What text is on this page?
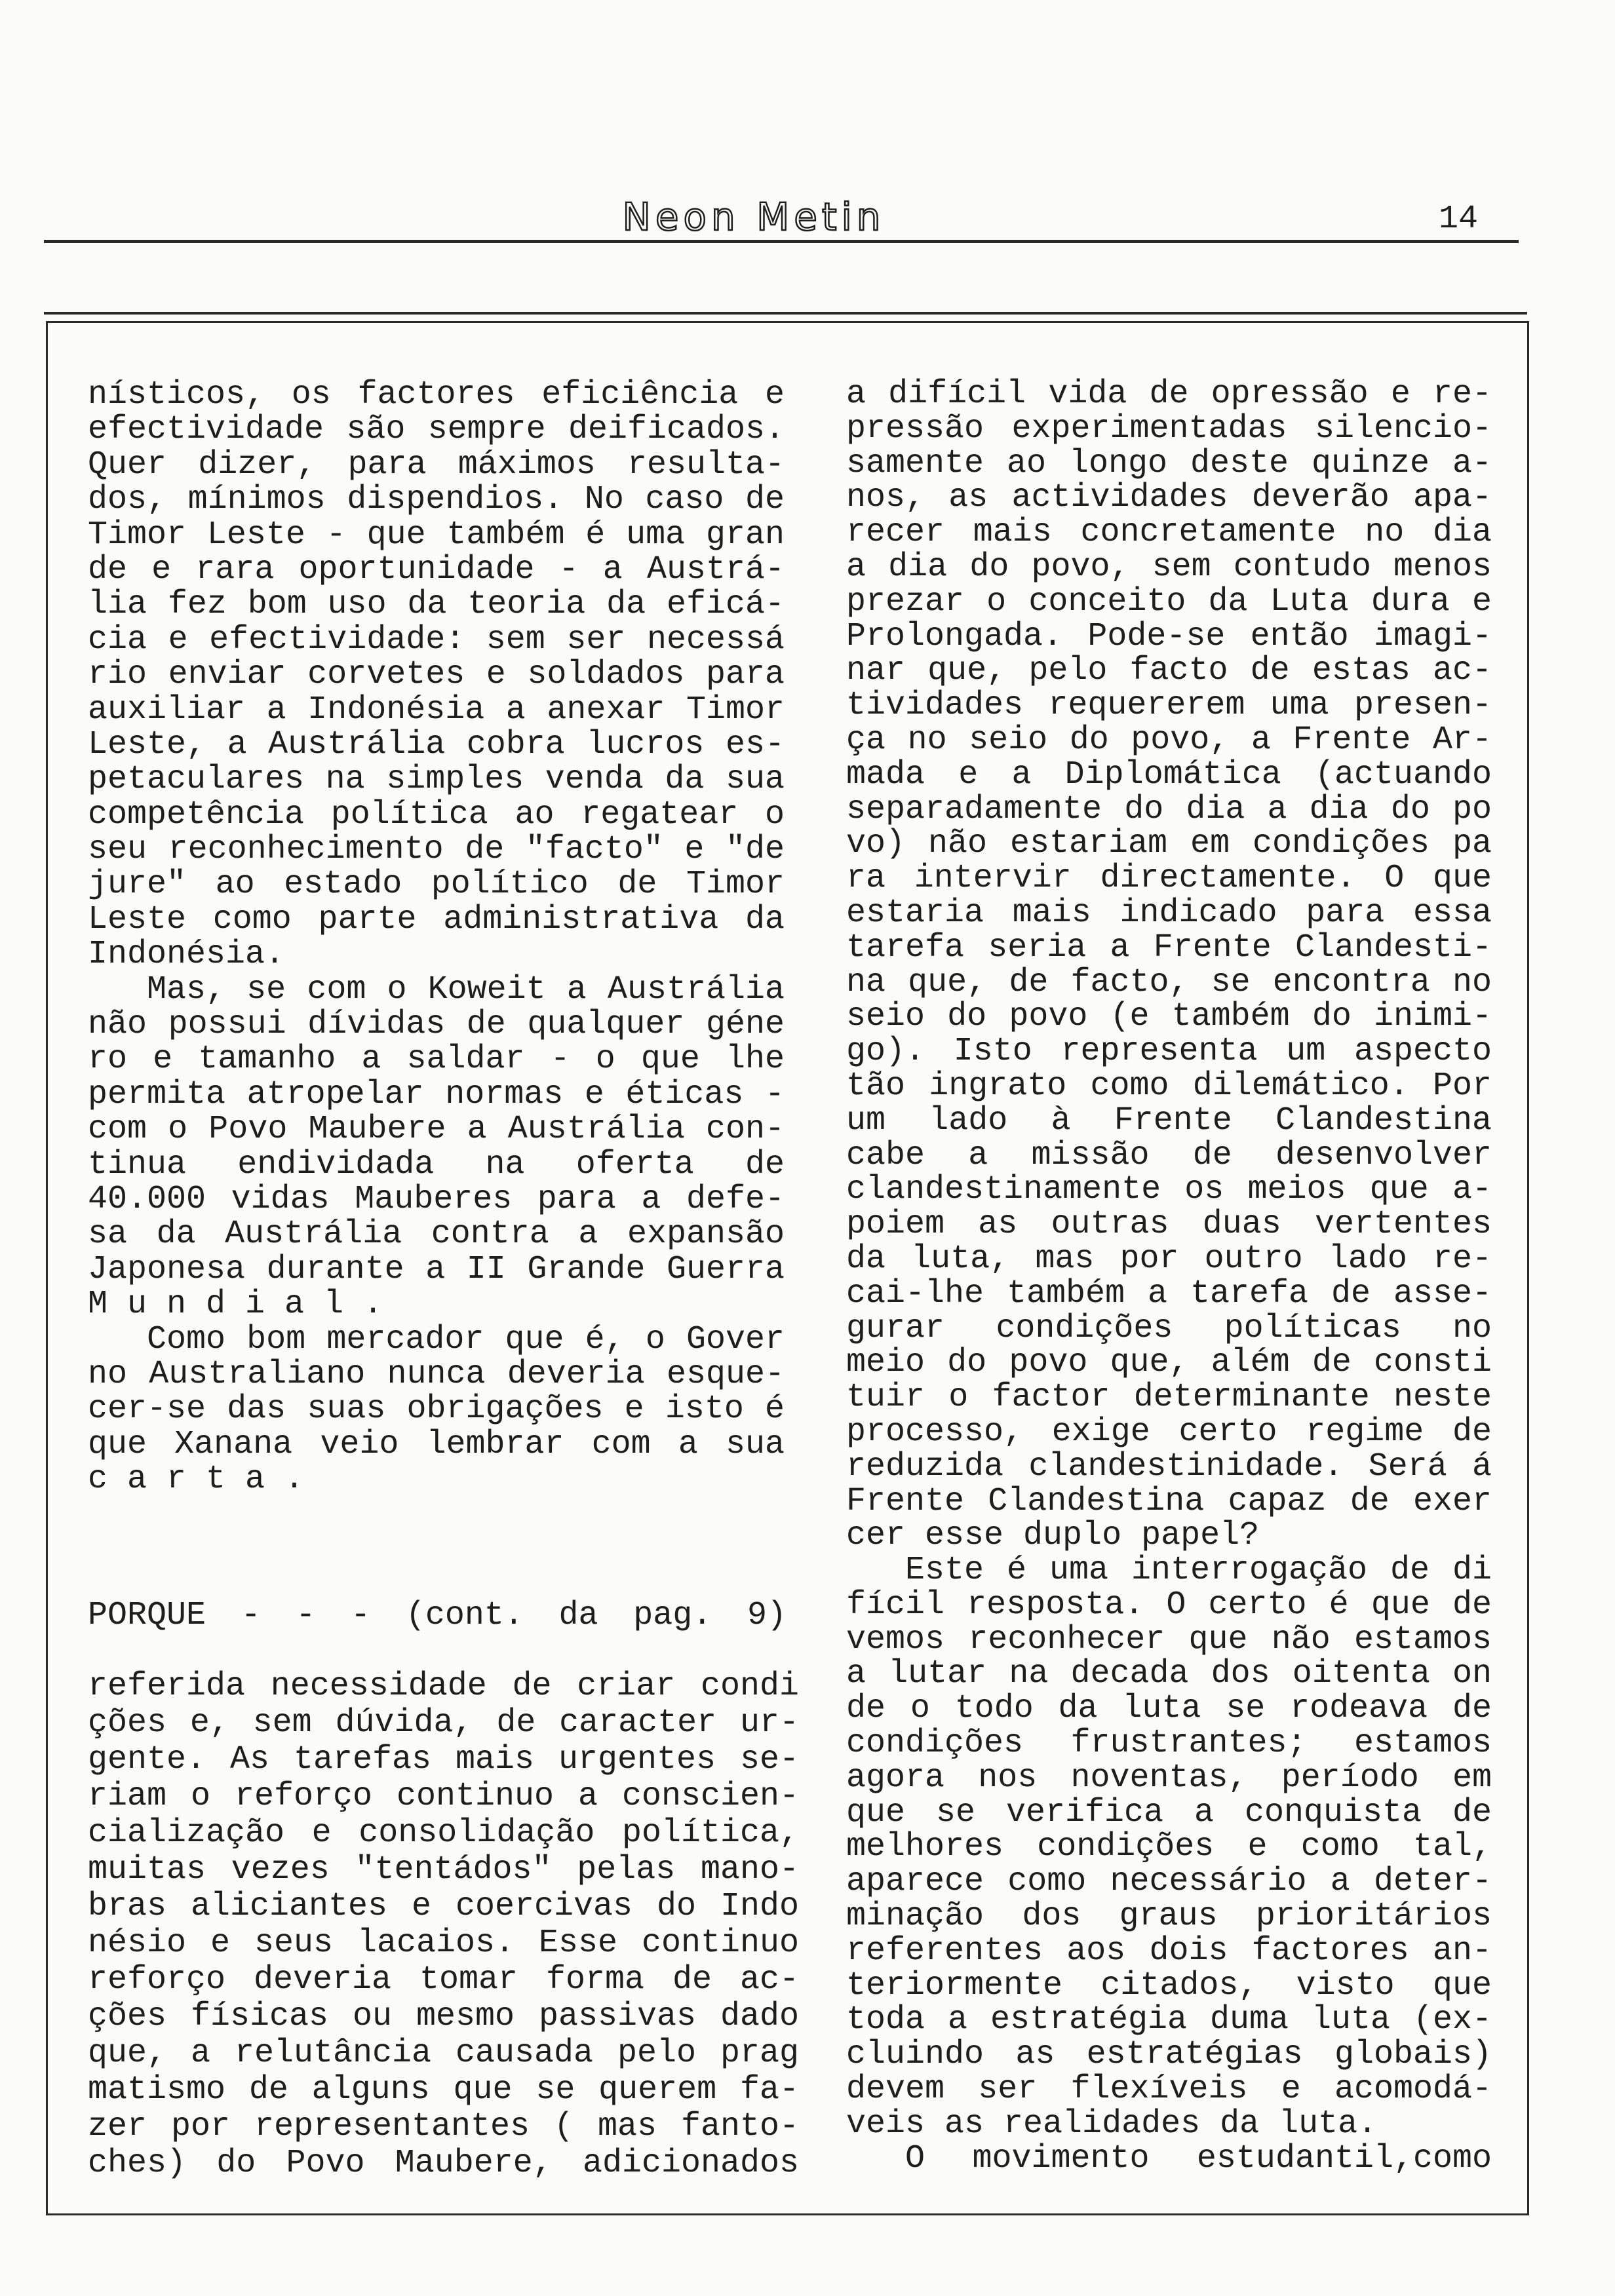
Neon Metin	14
nísticos, os factores eficiência e
efectividade são sempre deificados.
Quer dizer, para máximos resulta-
dos, mínimos dispendios. No caso de
Timor Leste - que também é uma gran
de e rara oportunidade - a Austrá-
lia fez bom uso da teoria da eficá-
cia e efectividade: sem ser necessá
rio enviar corvetes e soldados para
auxiliar a Indonésia a anexar Timor
Leste, a Austrália cobra lucros es-
petaculares na simples venda da sua
competência política ao regatear o
seu reconhecimento de "facto" e "de
jure" ao estado político de Timor
Leste como parte administrativa da
Indonésia.
Mas, se com o Koweit a Austrália
não possui dívidas de qualquer géne
ro e tamanho a saldar - o que lhe
permita atropelar normas e éticas -
com o Povo Maubere a Austrália con-
tinua endividada na oferta de
40.000 vidas Mauberes para a defe-
sa da Austrália contra a expansão
Japonesa durante a II Grande Guerra
M u n d i a l .
Como bom mercador que é, o Gover
no Australiano nunca deveria esque-
cer-se das suas obrigações e isto é
que Xanana veio lembrar com a sua
c a r t a .
PORQUE - - - (cont. da pag. 9)
referida necessidade de criar condi
ções e, sem dúvida, de caracter ur-
gente. As tarefas mais urgentes se-
riam o reforço continuo a conscien-
cialização e consolidação política,
muitas vezes "tentádos" pelas mano-
bras aliciantes e coercivas do Indo
nésio e seus lacaios. Esse continuo
reforço deveria tomar forma de ac-
ções físicas ou mesmo passivas dado
que, a relutância causada pelo prag
matismo de alguns que se querem fa-
zer por representantes ( mas fanto-
ches) do Povo Maubere, adicionados
a difícil vida de opressão e re-
pressão experimentadas silencio-
samente ao longo deste quinze a-
nos, as actividades deverão apa-
recer mais concretamente no dia
a dia do povo, sem contudo menos
prezar o conceito da Luta dura e
Prolongada. Pode-se então imagi-
nar que, pelo facto de estas ac-
tividades requererem uma presen-
ça no seio do povo, a Frente Ar-
mada e a Diplomática (actuando
separadamente do dia a dia do po
vo) não estariam em condições pa
ra intervir directamente. O que
estaria mais indicado para essa
tarefa seria a Frente Clandesti-
na que, de facto, se encontra no
seio do povo (e também do inimi-
go). Isto representa um aspecto
tão ingrato como dilemático. Por
um lado à Frente Clandestina
cabe a missão de desenvolver
clandestinamente os meios que a-
poiem as outras duas vertentes
da luta, mas por outro lado re-
cai-lhe também a tarefa de asse-
gurar condições políticas no
meio do povo que, além de consti
tuir o factor determinante neste
processo, exige certo regime de
reduzida clandestinidade. Será á
Frente Clandestina capaz de exer
cer esse duplo papel?
Este é uma interrogação de di
fícil resposta. O certo é que de
vemos reconhecer que não estamos
a lutar na decada dos oitenta on
de o todo da luta se rodeava de
condições frustrantes; estamos
agora nos noventas, período em
que se verifica a conquista de
melhores condições e como tal,
aparece como necessário a deter-
minação dos graus prioritários
referentes aos dois factores an-
teriormente citados, visto que
toda a estratégia duma luta (ex-
cluindo as estratégias globais)
devem ser flexíveis e acomodá-
veis as realidades da luta.
O movimento estudantil,como
